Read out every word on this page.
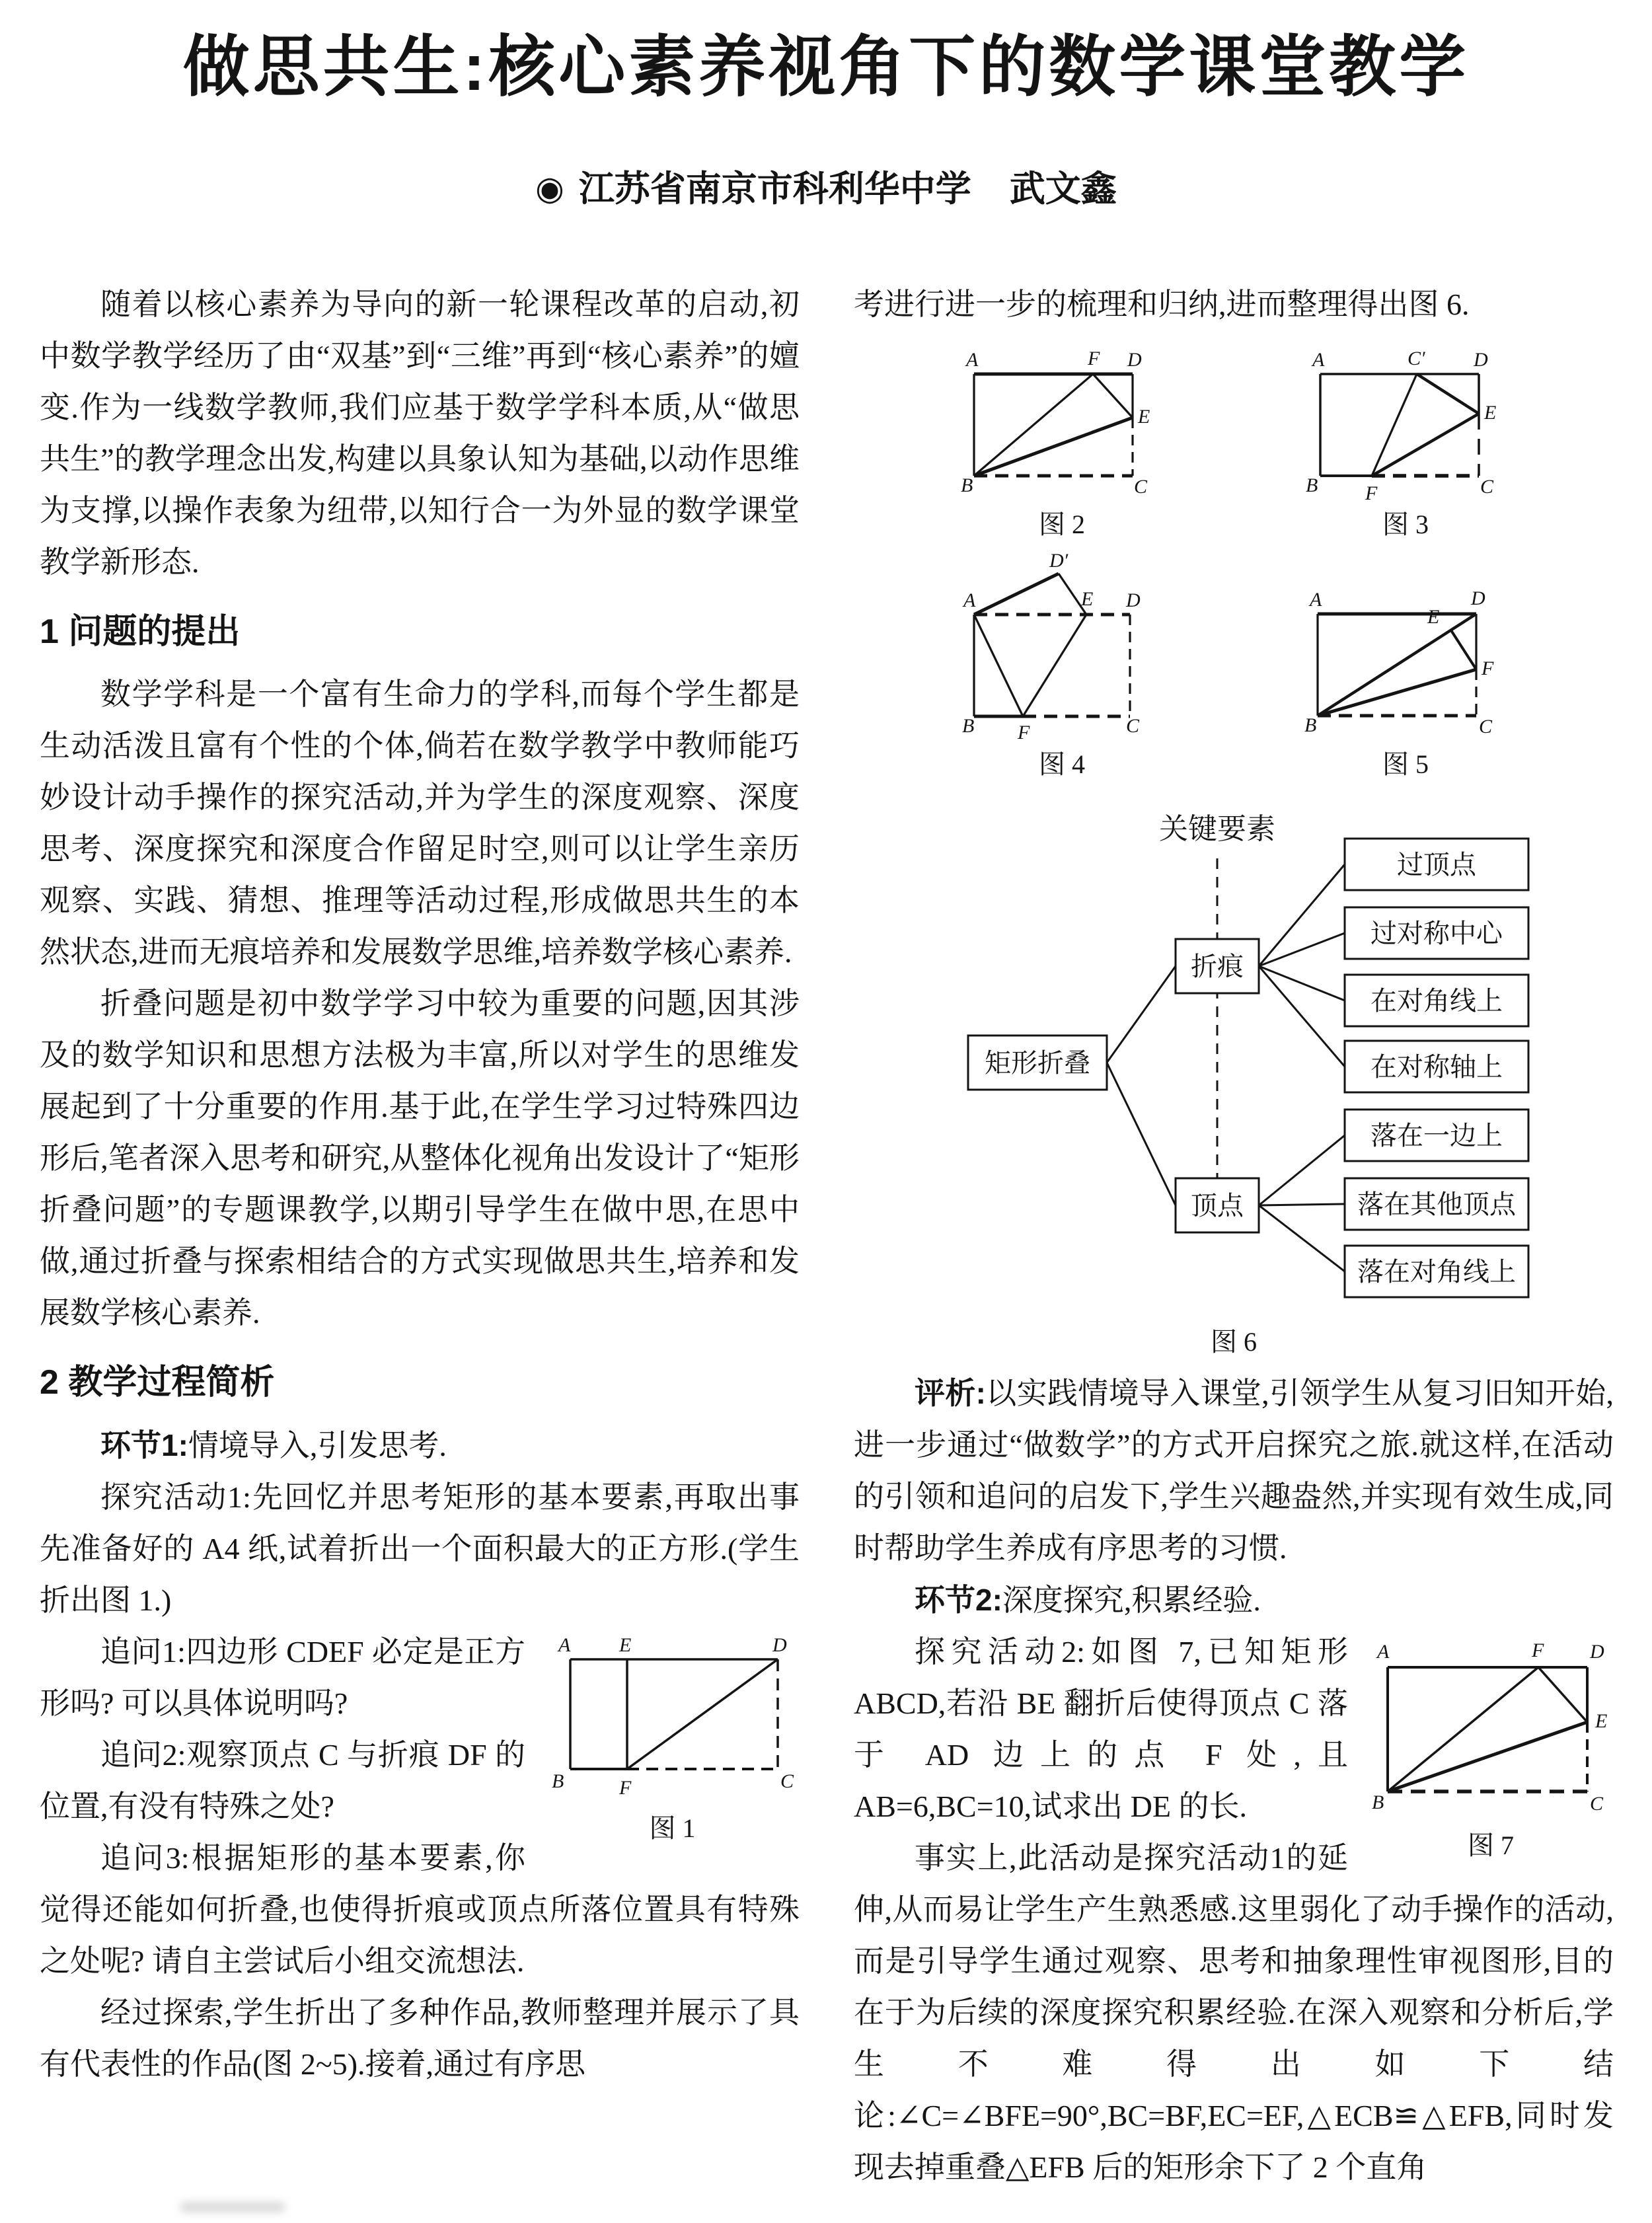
做思共生:核心素养视角下的数学课堂教学
◉ 江苏省南京市科利华中学 武文鑫

随着以核心素养为导向的新一轮课程改革的启动,初中数学教学经历了由“双基”到“三维”再到“核心素养”的嬗变.作为一线数学教师,我们应基于数学学科本质,从“做思共生”的教学理念出发,构建以具象认知为基础,以动作思维为支撑,以操作表象为纽带,以知行合一为外显的数学课堂教学新形态.

1 问题的提出

数学学科是一个富有生命力的学科,而每个学生都是生动活泼且富有个性的个体,倘若在数学教学中教师能巧妙设计动手操作的探究活动,并为学生的深度观察、深度思考、深度探究和深度合作留足时空,则可以让学生亲历观察、实践、猜想、推理等活动过程,形成做思共生的本然状态,进而无痕培养和发展数学思维,培养数学核心素养.

折叠问题是初中数学学习中较为重要的问题,因其涉及的数学知识和思想方法极为丰富,所以对学生的思维发展起到了十分重要的作用.基于此,在学生学习过特殊四边形后,笔者深入思考和研究,从整体化视角出发设计了“矩形折叠问题”的专题课教学,以期引导学生在做中思,在思中做,通过折叠与探索相结合的方式实现做思共生,培养和发展数学核心素养.

2 教学过程简析

环节1:情境导入,引发思考.

探究活动1:先回忆并思考矩形的基本要素,再取出事先准备好的 A4 纸,试着折出一个面积最大的正方形.(学生折出图 1.)

A E	D
B	F	C
图 1

追问1:四边形 CDEF 必定是正方形吗? 可以具体说明吗?

追问2:观察顶点 C 与折痕 DF 的位置,有没有特殊之处?

追问3:根据矩形的基本要素,你觉得还能如何折叠,也使得折痕或顶点所落位置具有特殊之处呢? 请自主尝试后小组交流想法.

经过探索,学生折出了多种作品,教师整理并展示了具有代表性的作品(图 2~5).接着,通过有序思

考进行进一步的梳理和归纳,进而整理得出图 6.

A	F D
E
B	C
图 2
A	C′ D
E
B F	C
图 3
D′
A	E D
B F	C
图 4
A	D
E
F
B	C
图 5
关键要素
矩形折叠
折痕
顶点
过顶点
过对称中心
在对角线上
在对称轴上
落在一边上
落在其他顶点
落在对角线上
图 6

评析:以实践情境导入课堂,引领学生从复习旧知开始,进一步通过“做数学”的方式开启探究之旅.就这样,在活动的引领和追问的启发下,学生兴趣盎然,并实现有效生成,同时帮助学生养成有序思考的习惯.

环节2:深度探究,积累经验.

A	F D
E
B	C
图 7

探究活动2:如图 7,已知矩形 ABCD,若沿 BE 翻折后使得顶点 C 落于 AD 边上的点 F 处,且 AB=6,BC=10,试求出 DE 的长.

事实上,此活动是探究活动1的延伸,从而易让学生产生熟悉感.这里弱化了动手操作的活动,而是引导学生通过观察、思考和抽象理性审视图形,目的在于为后续的深度探究积累经验.在深入观察和分析后,学生不难得出如下结论:∠C=∠BFE=90°,BC=BF,EC=EF,△ECB≌△EFB,同时发现去掉重叠△EFB 后的矩形余下了 2 个直角
